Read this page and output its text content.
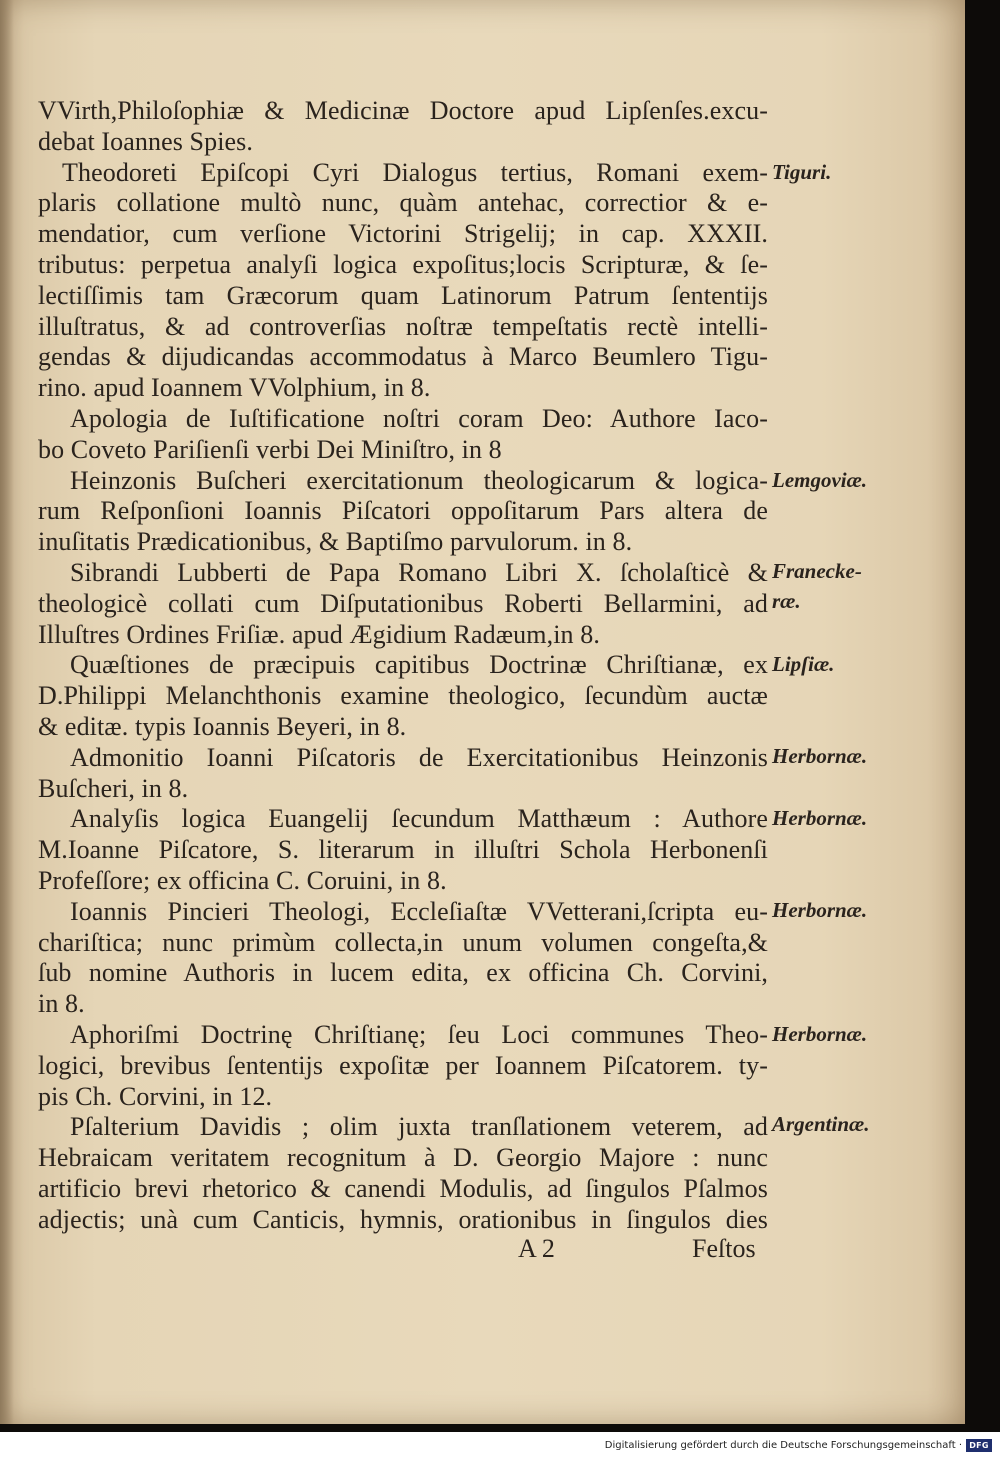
VVirth,Philoſophiæ & Medicinæ Doctore apud Lipſenſes.excu-
debat Ioannes Spies.
Theodoreti Epiſcopi Cyri Dialogus tertius, Romani exem-
plaris collatione multò nunc, quàm antehac, correctior & e-
mendatior, cum verſione Victorini Strigelij; in cap. XXXII.
tributus: perpetua analyſi logica expoſitus;locis Scripturæ, & ſe-
lectiſſimis tam Græcorum quam Latinorum Patrum ſententijs
illuſtratus, & ad controverſias noſtræ tempeſtatis rectè intelli-
gendas & dijudicandas accommodatus à Marco Beumlero Tigu-
rino. apud Ioannem VVolphium, in 8.
Apologia de Iuſtificatione noſtri coram Deo: Authore Iaco-
bo Coveto Pariſienſi verbi Dei Miniſtro, in 8
Heinzonis Buſcheri exercitationum theologicarum & logica-
rum Reſponſioni Ioannis Piſcatori oppoſitarum Pars altera de
inuſitatis Prædicationibus, & Baptiſmo parvulorum. in 8.
Sibrandi Lubberti de Papa Romano Libri X. ſcholaſticè &
theologicè collati cum Diſputationibus Roberti Bellarmini, ad
Illuſtres Ordines Friſiæ. apud Ægidium Radæum,in 8.
Quæſtiones de præcipuis capitibus Doctrinæ Chriſtianæ, ex
D.Philippi Melanchthonis examine theologico, ſecundùm auctæ
& editæ. typis Ioannis Beyeri, in 8.
Admonitio Ioanni Piſcatoris de Exercitationibus Heinzonis
Buſcheri, in 8.
Analyſis logica Euangelij ſecundum Matthæum : Authore
M.Ioanne Piſcatore, S. literarum in illuſtri Schola Herbonenſi
Profeſſore; ex officina C. Coruini, in 8.
Ioannis Pincieri Theologi, Eccleſiaſtæ VVetterani,ſcripta eu-
chariſtica; nunc primùm collecta,in unum volumen congeſta,&
ſub nomine Authoris in lucem edita, ex officina Ch. Corvini,
in 8.
Aphoriſmi Doctrinę Chriſtianę; ſeu Loci communes Theo-
logici, brevibus ſententijs expoſitæ per Ioannem Piſcatorem. ty-
pis Ch. Corvini, in 12.
Pſalterium Davidis ; olim juxta tranſlationem veterem, ad
Hebraicam veritatem recognitum à D. Georgio Majore : nunc
artificio brevi rhetorico & canendi Modulis, ad ſingulos Pſalmos
adjectis; unà cum Canticis, hymnis, orationibus in ſingulos dies
Tiguri.
Lemgoviæ.
Franecke-
ræ.
Lipſiæ.
Herbornæ.
Herbornæ.
Herbornæ.
Herbornæ.
Argentinæ.
A 2	Feſtos
Digitalisierung gefördert durch die Deutsche Forschungsgemeinschaft · DFG
